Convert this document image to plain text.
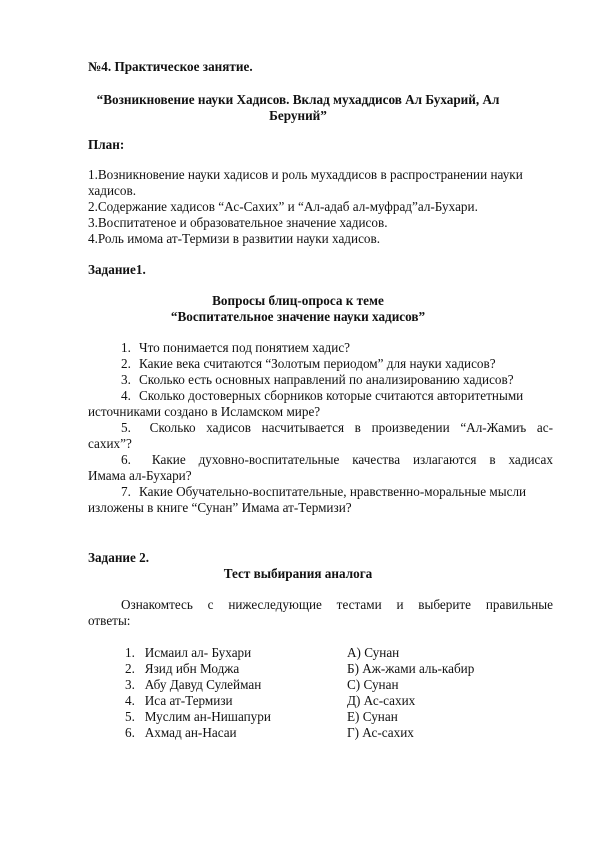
№4. Практическое занятие.
“Возникновение науки Хадисов. Вклад мухаддисов Ал Бухарий, Ал
Беруний”
План:
1.Возникновение науки хадисов и роль мухаддисов в распространении науки
хадисов.
2.Содержание хадисов “Ас-Сахих” и “Ал-адаб ал-муфрад”ал-Бухари.
3.Воспитатеное и образовательное значение хадисов.
4.Роль имома ат-Термизи в развитии науки хадисов.
Задание1.
Вопросы блиц-опроса к теме
“Воспитательное значение науки хадисов”
1. Что понимается под понятием хадис?
2. Какие века считаются “Золотым периодом” для науки хадисов?
3. Сколько есть основных направлений по анализированию хадисов?
4. Сколько достоверных сборников которые считаются авторитетными
источниками создано в Исламском мире?
5. Сколько хадисов насчитывается в произведении “Ал-Жамиъ ас-
сахих”?
6. Какие духовно-воспитательные качества излагаются в хадисах
Имама ал-Бухари?
7. Какие Обучательно-воспитательные, нравственно-моральные мысли
изложены в книге “Сунан” Имама ат-Термизи?
Задание 2.
Тест выбирания аналога
Ознакомтесь с нижеследующие тестами и выберите правильные
ответы:
1.   Исмаил ал- Бухари
2.   Язид ибн Моджа
3.   Абу Давуд Сулейман
4.   Иса ат-Термизи
5.   Муслим ан-Нишапури
6.   Ахмад ан-Насаи
А) Сунан
Б) Аж-жами аль-кабир
С) Сунан
Д) Ас-сахих
Е) Сунан
Г) Ас-сахих
